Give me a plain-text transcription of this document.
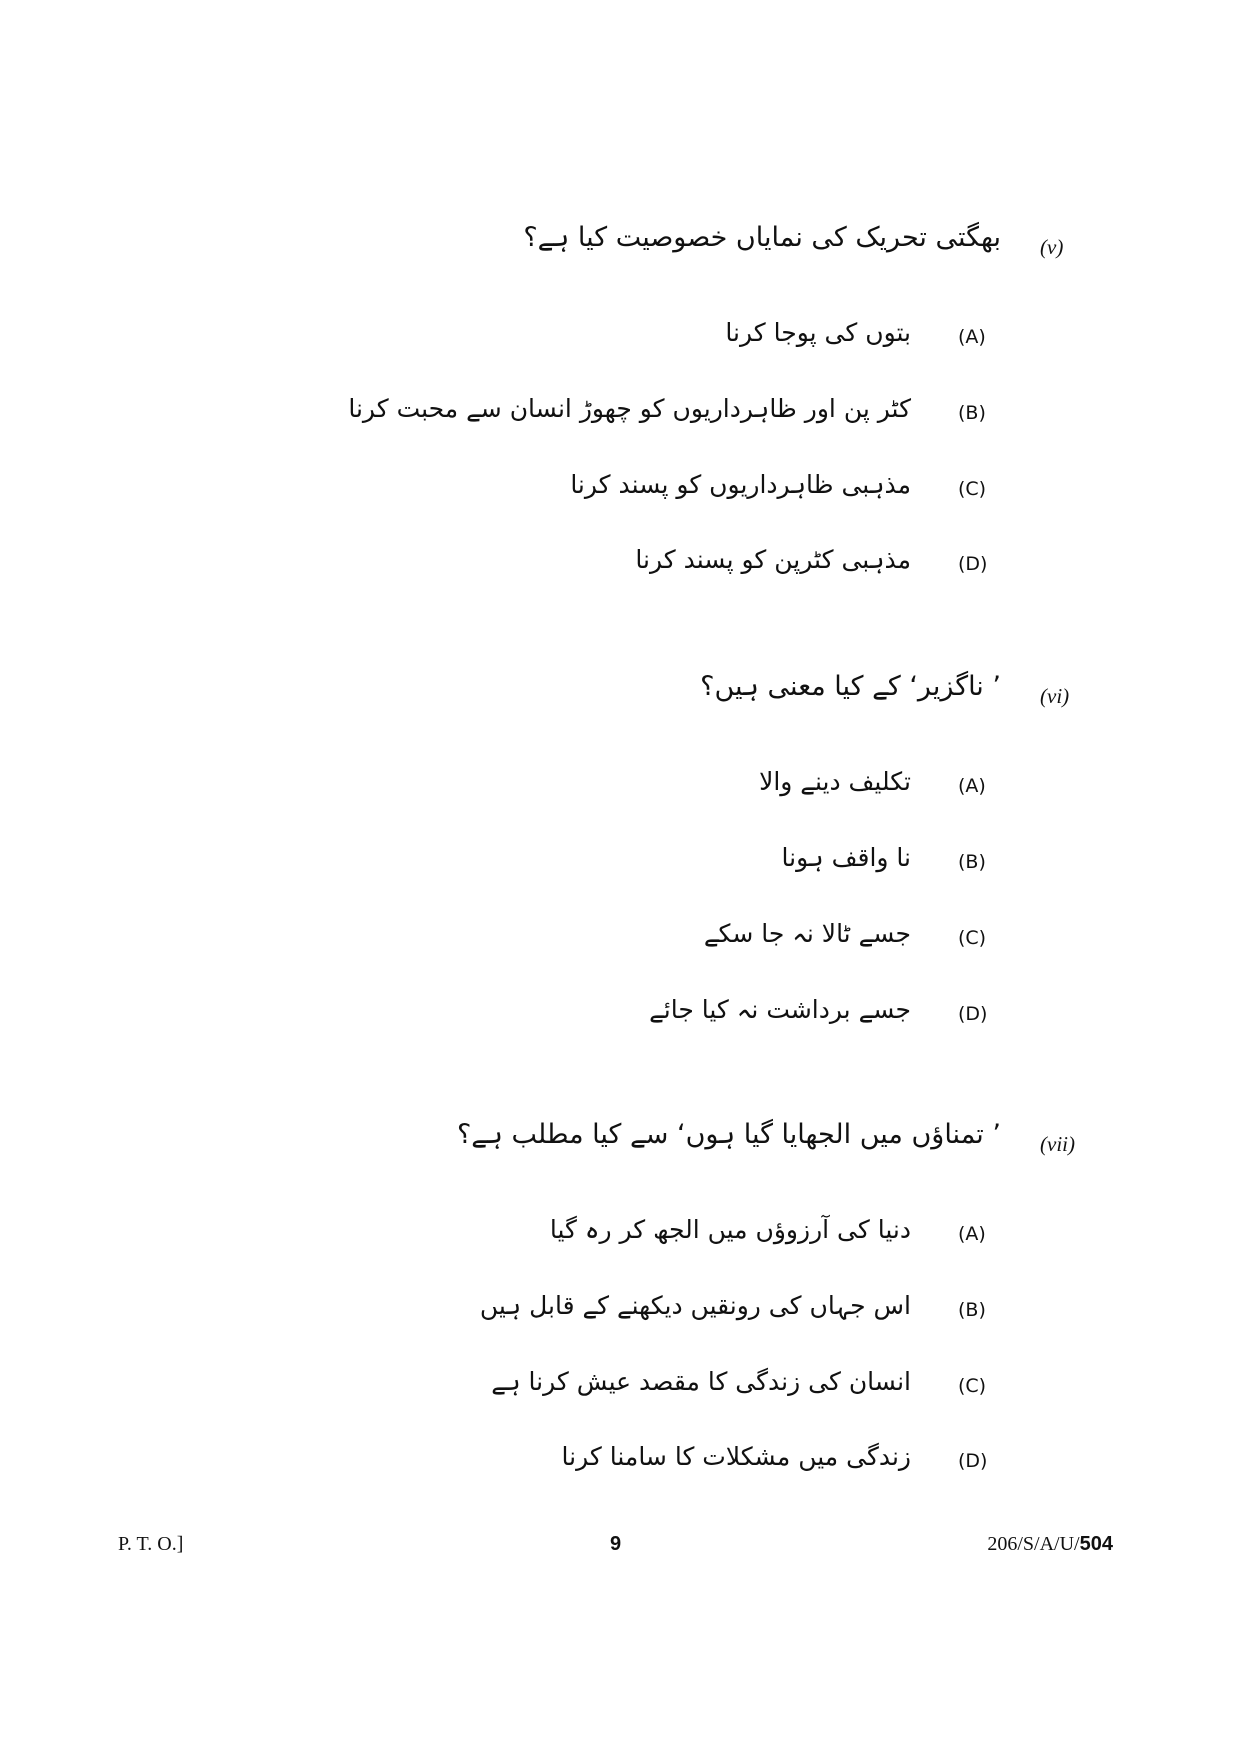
(v)
بھگتی تحریک کی نمایاں خصوصیت کیا ہے؟
(A)
بتوں کی پوجا کرنا
(B)
کٹر پن اور ظاہرداریوں کو چھوڑ انسان سے محبت کرنا
(C)
مذہبی ظاہرداریوں کو پسند کرنا
(D)
مذہبی کٹرپن کو پسند کرنا
(vi)
’ ناگزیر‘ کے کیا معنی ہیں؟
(A)
تکلیف دینے والا
(B)
نا واقف ہونا
(C)
جسے ٹالا نہ جا سکے
(D)
جسے برداشت نہ کیا جائے
(vii)
’ تمناؤں میں الجھایا گیا ہوں‘ سے کیا مطلب ہے؟
(A)
دنیا کی آرزوؤں میں الجھ کر رہ گیا
(B)
اس جہاں کی رونقیں دیکھنے کے قابل ہیں
(C)
انسان کی زندگی کا مقصد عیش کرنا ہے
(D)
زندگی میں مشکلات کا سامنا کرنا
P. T. O.]	9	206/S/A/U/504
